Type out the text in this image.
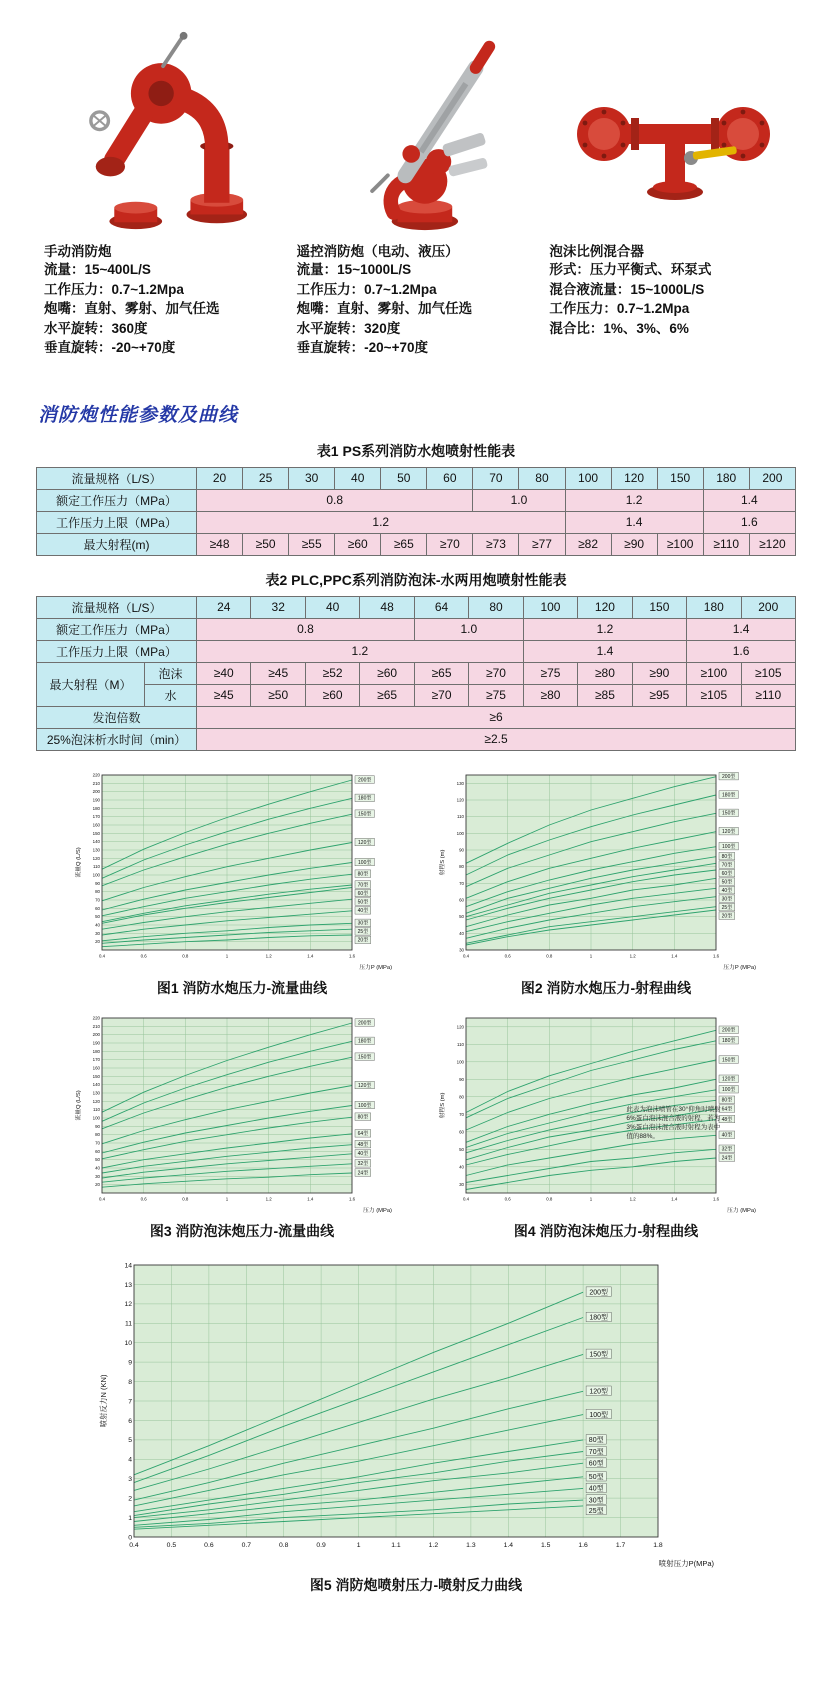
手动消防炮
流量：15~400L/S
工作压力：0.7~1.2Mpa
炮嘴：直射、雾射、加气任选
水平旋转：360度
垂直旋转：-20~+70度
遥控消防炮（电动、液压）
流量：15~1000L/S
工作压力：0.7~1.2Mpa
炮嘴：直射、雾射、加气任选
水平旋转：320度
垂直旋转：-20~+70度
泡沫比例混合器
形式：压力平衡式、环泵式
混合液流量：15~1000L/S
工作压力：0.7~1.2Mpa
混合比：1%、3%、6%
消防炮性能参数及曲线
表1 PS系列消防水炮喷射性能表
流量规格（L/S）	20	25	30	40	50	60	70	80	100	120	150	180	200
额定工作压力（MPa）	0.8						1.0		1.2			1.4	
工作压力上限（MPa）	1.2								1.4			1.6	
最大射程(m)	≥48	≥50	≥55	≥60	≥65	≥70	≥73	≥77	≥82	≥90	≥100	≥110	≥120
表2 PLC,PPC系列消防泡沫-水两用炮喷射性能表
流量规格（L/S）		24	32	40	48	64	80	100	120	150	180	200
额定工作压力（MPa）		0.8				1.0		1.2			1.4	
工作压力上限（MPa）		1.2						1.4			1.6	
最大射程（M）	泡沫	≥40	≥45	≥52	≥60	≥65	≥70	≥75	≥80	≥90	≥100	≥105
	水	≥45	≥50	≥60	≥65	≥70	≥75	≥80	≥85	≥95	≥105	≥110
发泡倍数		≥6										
25%泡沫析水时间（min）		≥2.5										
200型
180型
150型
120型
100型
80型
70型
60型
50型
40型
30型
25型
20型
20
30
40
50
60
70
80
90
100
110
120
130
140
150
160
170
180
190
200
210
220
0.4	0.6	0.8	1	1.2	1.4	1.6
流量Q (L/S)
压力P (MPa)
图1 消防水炮压力-流量曲线
200型
180型
150型
120型
100型
80型
70型
60型
50型
40型
30型
25型
20型
30
40
50
60
70
80
90
100
110
120
130
0.4	0.6	0.8	1	1.2	1.4	1.6
射程S (m)
压力P (MPa)
图2 消防水炮压力-射程曲线
200型
180型
150型
120型
100型
80型
64型
48型
40型
32型
24型
20
30
40
50
60
70
80
90
100
110
120
130
140
150
160
170
180
190
200
210
220
0.4	0.6	0.8	1	1.2	1.4	1.6
流量Q (L/S)
压力 (MPa)
图3 消防泡沫炮压力-流量曲线
200型
180型
150型
120型
100型
80型
64型
48型
40型
32型
24型
30
40
50
60
70
80
90
100
110
120
0.4	0.6	0.8	1	1.2	1.4	1.6
射程S (m)
压力 (MPa)
此表为泡沫喷管在30°仰角时喷射6%蛋白泡沫混合液的射程，若为3%蛋白泡沫混合液时射程为表中值的88%。
图4 消防泡沫炮压力-射程曲线
200型
180型
150型
120型
100型
80型
70型
60型
50型
40型
30型
25型
0
1
2
3
4
5
6
7
8
9
10
11
12
13
14
0.4	0.5	0.6	0.7	0.8	0.9	1	1.1	1.2	1.3	1.4	1.5	1.6	1.7	1.8
喷射反力N (KN)
喷射压力P(MPa)
图5 消防炮喷射压力-喷射反力曲线
